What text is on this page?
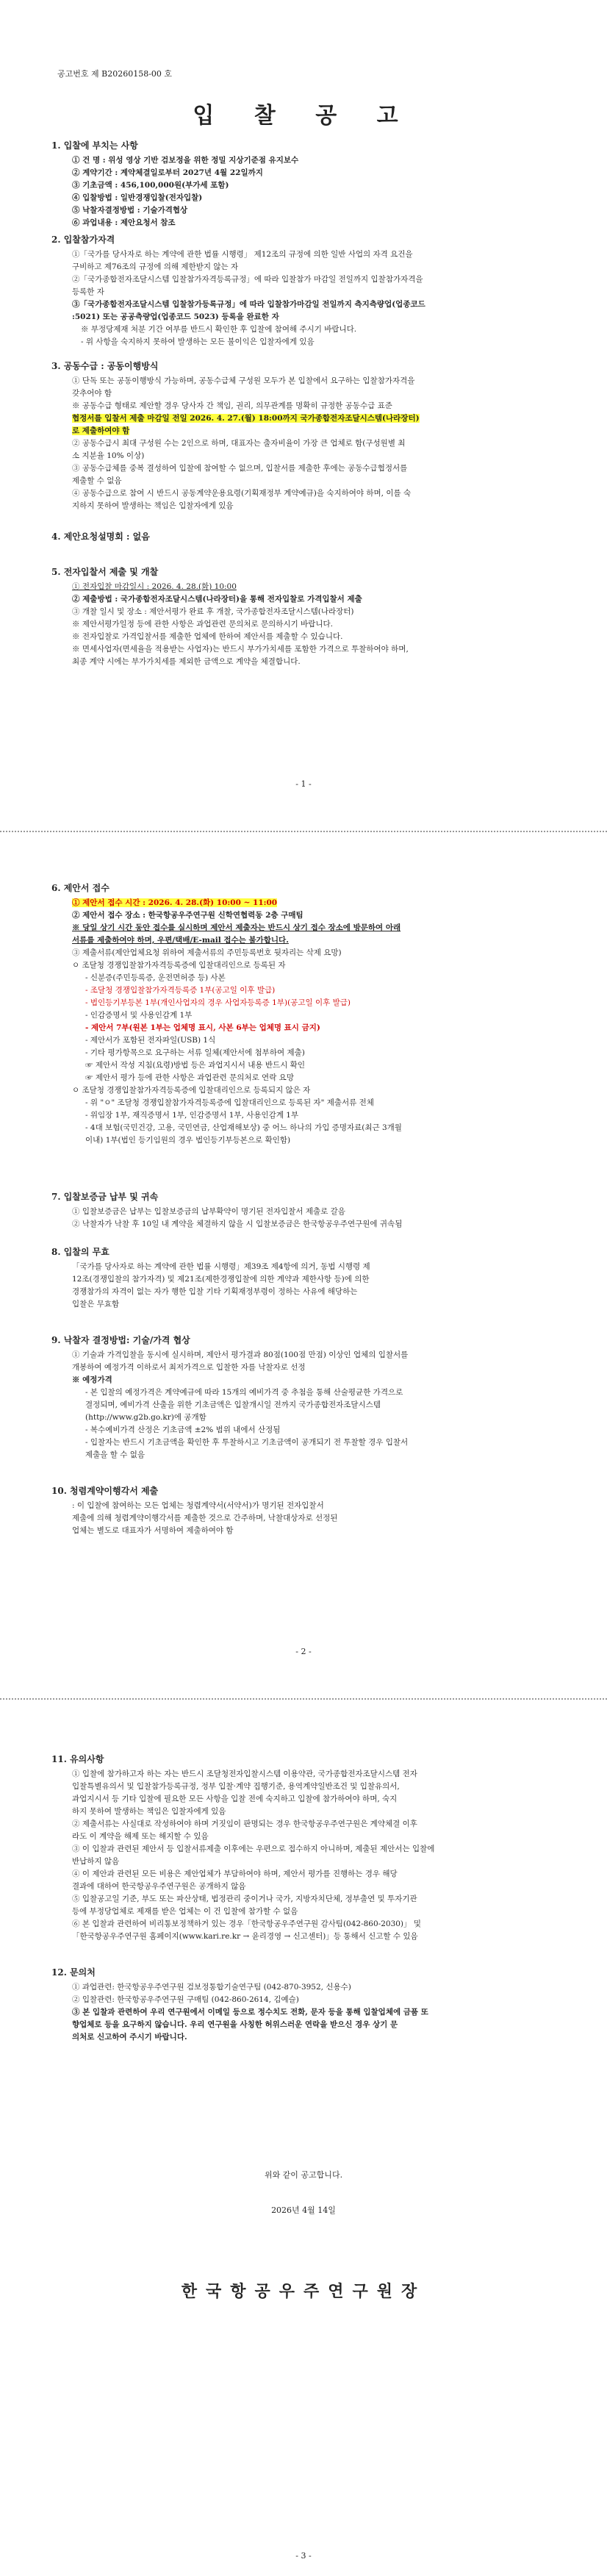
공고번호 제 B20260158-00 호
입 찰 공 고
1. 입찰에 부치는 사항
① 건 명 : 위성 영상 기반 검보정을 위한 정밀 지상기준점 유지보수
② 계약기간 : 계약체결일로부터 2027년 4월 22일까지
③ 기초금액 : 456,100,000원(부가세 포함)
④ 입찰방법 : 일반경쟁입찰(전자입찰)
⑤ 낙찰자결정방법 : 기술가격협상
⑥ 과업내용 : 제안요청서 참조
2. 입찰참가자격
①「국가를 당사자로 하는 계약에 관한 법률 시행령」 제12조의 규정에 의한 일반 사업의 자격 요건을
구비하고 제76조의 규정에 의해 제한받지 않는 자
②「국가종합전자조달시스템 입찰참가자격등록규정」에 따라 입찰참가 마감일 전일까지 입찰참가자격을
등록한 자
③「국가종합전자조달시스템 입찰참가등록규정」에 따라 입찰참가마감일 전일까지 측지측량업(업종코드
:5021) 또는 공공측량업(업종코드 5023) 등록을 완료한 자
※ 부정당제재 처분 기간 여부를 반드시 확인한 후 입찰에 참여해 주시기 바랍니다.
- 위 사항을 숙지하지 못하여 발생하는 모든 불이익은 입찰자에게 있음
3. 공동수급 : 공동이행방식
① 단독 또는 공동이행방식 가능하며, 공동수급체 구성원 모두가 본 입찰에서 요구하는 입찰참가자격을
갖추어야 함
※ 공동수급 형태로 제안할 경우 당사자 간 책임, 권리, 의무관계를 명확히 규정한 공동수급 표준
협정서를 입찰서 제출 마감일 전일 2026. 4. 27.(월) 18:00까지 국가종합전자조달시스템(나라장터)
로 제출하여야 함
② 공동수급시 최대 구성원 수는 2인으로 하며, 대표자는 출자비율이 가장 큰 업체로 함(구성원별 최
소 지분율 10% 이상)
③ 공동수급체를 중복 결성하여 입찰에 참여할 수 없으며, 입찰서를 제출한 후에는 공동수급협정서를
제출할 수 없음
④ 공동수급으로 참여 시 반드시 공동계약운용요령(기획재정부 계약예규)을 숙지하여야 하며, 이를 숙
지하지 못하여 발생하는 책임은 입찰자에게 있음
4. 제안요청설명회 : 없음
5. 전자입찰서 제출 및 개찰
① 전자입찰 마감일시 : 2026. 4. 28.(화) 10:00
② 제출방법 : 국가종합전자조달시스템(나라장터)을 통해 전자입찰로 가격입찰서 제출
③ 개찰 일시 및 장소 : 제안서평가 완료 후 개찰, 국가종합전자조달시스템(나라장터)
※ 제안서평가일정 등에 관한 사항은 과업관련 문의처로 문의하시기 바랍니다.
※ 전자입찰로 가격입찰서를 제출한 업체에 한하여 제안서를 제출할 수 있습니다.
※ 면세사업자(면세율을 적용받는 사업자)는 반드시 부가가치세를 포함한 가격으로 투찰하여야 하며,
최종 계약 시에는 부가가치세를 제외한 금액으로 계약을 체결합니다.
- 1 -
6. 제안서 접수
① 제안서 접수 시간 : 2026. 4. 28.(화) 10:00 ~ 11:00
② 제안서 접수 장소 : 한국항공우주연구원 신학연협력동 2층 구매팀
※ 당일 상기 시간 동안 접수를 실시하며 제안서 제출자는 반드시 상기 접수 장소에 방문하여 아래
서류를 제출하여야 하며, 우편/택배/E-mail 접수는 불가합니다.
③ 제출서류(제안업체요청 위하여 제출서류의 주민등록번호 뒷자리는 삭제 요망)
ㅇ 조달청 경쟁입찰참가자격등록증에 입찰대리인으로 등록된 자
- 신분증(주민등록증, 운전면허증 등) 사본
- 조달청 경쟁입찰참가자격등록증 1부(공고일 이후 발급)
- 법인등기부등본 1부(개인사업자의 경우 사업자등록증 1부)(공고일 이후 발급)
- 인감증명서 및 사용인감계 1부
- 제안서 7부(원본 1부는 업체명 표시, 사본 6부는 업체명 표시 금지)
- 제안서가 포함된 전자파일(USB) 1식
- 기타 평가항목으로 요구하는 서류 일체(제안서에 첨부하여 제출)
☞ 제안서 작성 지침(요령)방법 등은 과업지시서 내용 반드시 확인
☞ 제안서 평가 등에 관한 사항은 과업관련 문의처로 연락 요망
ㅇ 조달청 경쟁입찰참가자격등록증에 입찰대리인으로 등록되지 않은 자
- 위 "ㅇ" 조달청 경쟁입찰참가자격등록증에 입찰대리인으로 등록된 자" 제출서류 전체
- 위임장 1부, 재직증명서 1부, 인감증명서 1부, 사용인감계 1부
- 4대 보험(국민건강, 고용, 국민연금, 산업재해보상) 중 어느 하나의 가입 증명자료(최근 3개월
이내) 1부(법인 등기임원의 경우 법인등기부등본으로 확인함)
7. 입찰보증금 납부 및 귀속
① 입찰보증금은 납부는 입찰보증금의 납부확약이 명기된 전자입찰서 제출로 갈음
② 낙찰자가 낙찰 후 10일 내 계약을 체결하지 않을 시 입찰보증금은 한국항공우주연구원에 귀속됨
8. 입찰의 무효
「국가를 당사자로 하는 계약에 관한 법률 시행령」제39조 제4항에 의거, 동법 시행령 제
12조(경쟁입찰의 참가자격) 및 제21조(제한경쟁입찰에 의한 계약과 제한사항 등)에 의한
경쟁참가의 자격이 없는 자가 행한 입찰 기타 기획재정부령이 정하는 사유에 해당하는
입찰은 무효함
9. 낙찰자 결정방법: 기술/가격 협상
① 기술과 가격입찰을 동시에 실시하며, 제안서 평가결과 80점(100점 만점) 이상인 업체의 입찰서를
개봉하여 예정가격 이하로서 최저가격으로 입찰한 자를 낙찰자로 선정
※ 예정가격
- 본 입찰의 예정가격은 계약예규에 따라 15개의 예비가격 중 추첨을 통해 산술평균한 가격으로
결정되며, 예비가격 산출을 위한 기초금액은 입찰개시일 전까지 국가종합전자조달시스템
(http://www.g2b.go.kr)에 공개함
- 복수예비가격 산정은 기초금액 ±2% 범위 내에서 산정됨
- 입찰자는 반드시 기초금액을 확인한 후 투찰하시고 기초금액이 공개되기 전 투찰할 경우 입찰서
제출을 할 수 없음
10. 청렴계약이행각서 제출
: 이 입찰에 참여하는 모든 업체는 청렴계약서(서약서)가 명기된 전자입찰서
제출에 의해 청렴계약이행각서를 제출한 것으로 간주하며, 낙찰대상자로 선정된
업체는 별도로 대표자가 서명하여 제출하여야 함
- 2 -
11. 유의사항
① 입찰에 참가하고자 하는 자는 반드시 조달청전자입찰시스템 이용약관, 국가종합전자조달시스템 전자
입찰특별유의서 및 입찰참가등록규정, 정부 입찰·계약 집행기준, 용역계약일반조건 및 입찰유의서,
과업지시서 등 기타 입찰에 필요한 모든 사항을 입찰 전에 숙지하고 입찰에 참가하여야 하며, 숙지
하지 못하여 발생하는 책임은 입찰자에게 있음
② 제출서류는 사실대로 작성하여야 하며 거짓임이 판명되는 경우 한국항공우주연구원은 계약체결 이후
라도 이 계약을 해제 또는 해지할 수 있음
③ 이 입찰과 관련된 제안서 등 입찰서류제출 이후에는 우편으로 접수하지 아니하며, 제출된 제안서는 입찰에
반납하지 않음
④ 이 제안과 관련된 모든 비용은 제안업체가 부담하여야 하며, 제안서 평가를 진행하는 경우 해당
결과에 대하여 한국항공우주연구원은 공개하지 않음
⑤ 입찰공고일 기준, 부도 또는 파산상태, 법정관리 중이거나 국가, 지방자치단체, 정부출연 및 투자기관
등에 부정당업체로 제재를 받은 업체는 이 건 입찰에 참가할 수 없음
⑥ 본 입찰과 관련하여 비리통보정책하거 있는 경우「한국항공우주연구원 감사팀(042-860-2030)」 및
「한국항공우주연구원 홈페이지(www.kari.re.kr → 윤리경영 → 신고센터)」등 통해서 신고할 수 있음
12. 문의처
① 과업관련: 한국항공우주연구원 검보정통합기술연구팀 (042-870-3952, 신용수)
② 입찰관련: 한국항공우주연구원 구매팀 (042-860-2614, 김예슬)
③ 본 입찰과 관련하여 우리 연구원에서 이메일 등으로 정수치도 전화, 문자 등을 통해 입찰업체에 금품 또
향업체로 등을 요구하지 않습니다. 우리 연구원을 사칭한 허위스러운 연락을 받으신 경우 상기 문
의처로 신고하여 주시기 바랍니다.
위와 같이 공고합니다.
2026년 4월 14일
한국항공우주연구원장
- 3 -
